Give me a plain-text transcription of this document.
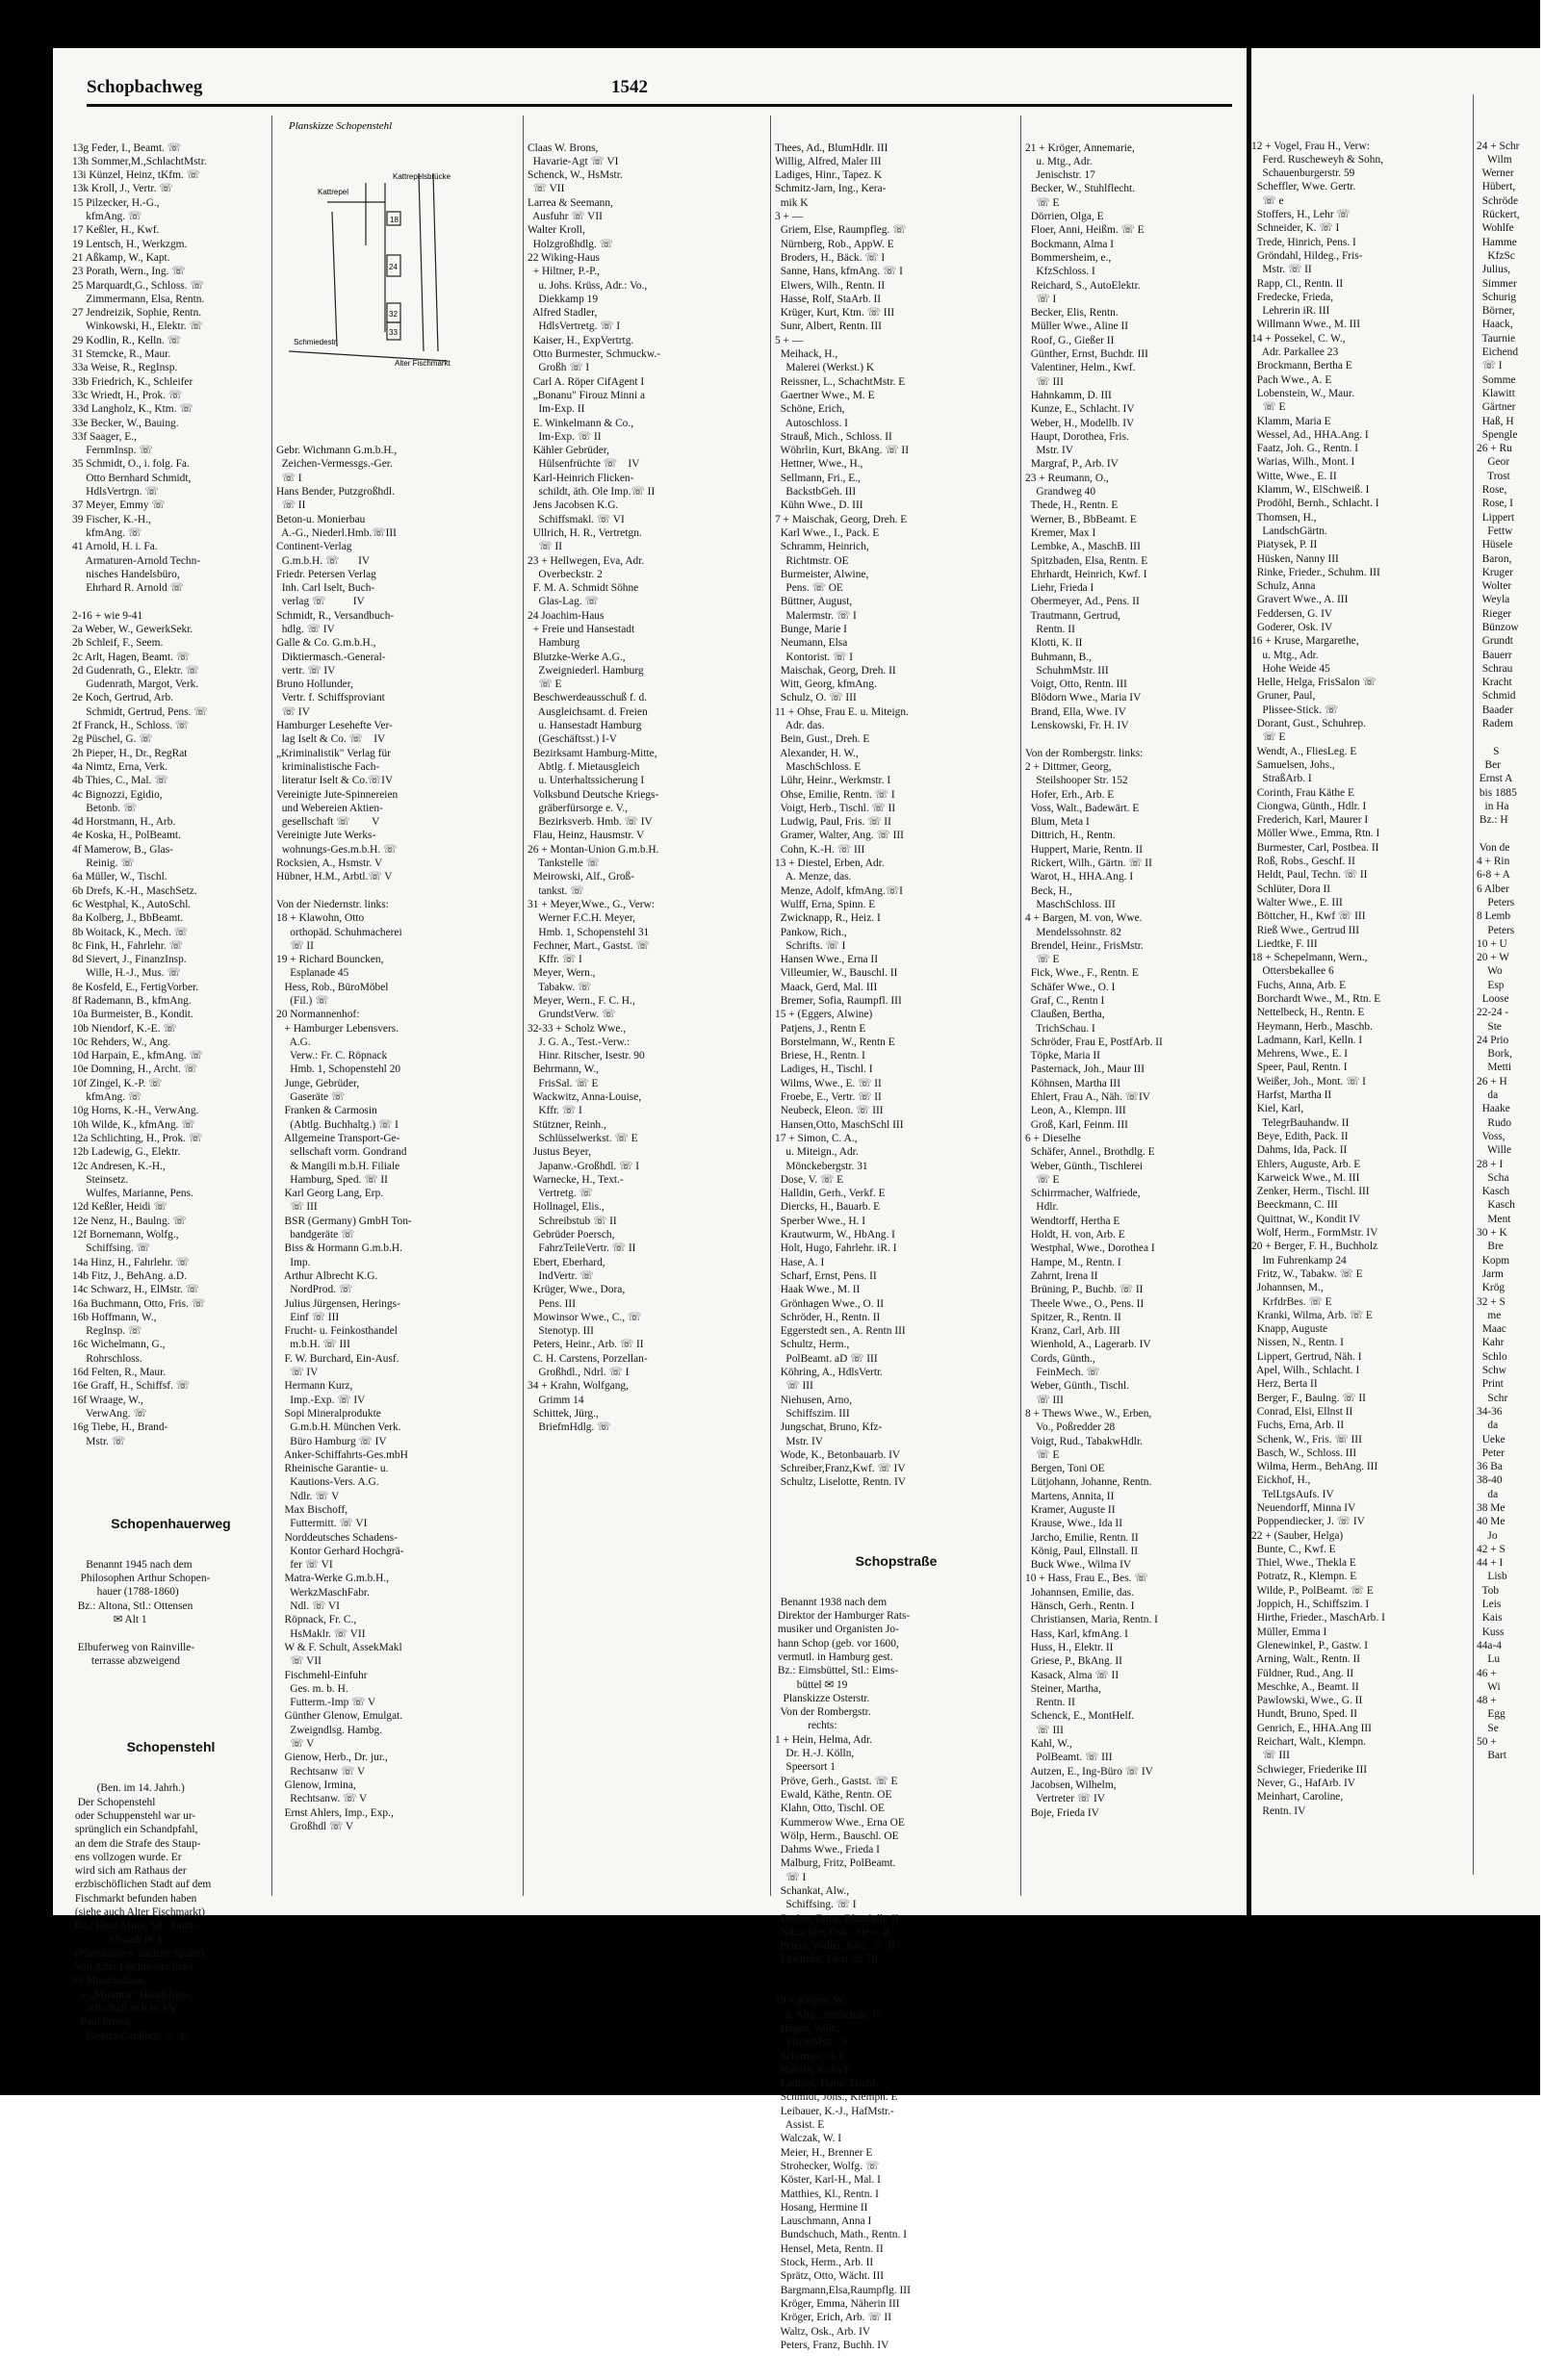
Schopbachweg	1542

13g Feder, I., Beamt. ☏
13h Sommer,M.,SchlachtMstr.
13i Künzel, Heinz, tKfm. ☏
13k Kroll, J., Vertr. ☏
15 Pilzecker, H.-G.,
kfmAng. ☏
17 Keßler, H., Kwf.
19 Lentsch, H., Werkzgm.
21 Aßkamp, W., Kapt.
23 Porath, Wern., Ing. ☏
25 Marquardt,G., Schloss. ☏
Zimmermann, Elsa, Rentn.
27 Jendreizik, Sophie, Rentn.
Winkowski, H., Elektr. ☏
29 Kodlin, R., Kelln. ☏
31 Stemcke, R., Maur.
33a Weise, R., RegInsp.
33b Friedrich, K., Schleifer
33c Wriedt, H., Prok. ☏
33d Langholz, K., Ktm. ☏
33e Becker, W., Bauing.
33f Saager, E.,
FernmInsp. ☏
35 Schmidt, O., i. folg. Fa.
Otto Bernhard Schmidt,
HdlsVertrgn. ☏
37 Meyer, Emmy ☏
39 Fischer, K.-H.,
kfmAng. ☏
41 Arnold, H. i. Fa.
Armaturen-Arnold Techn-
nisches Handelsbüro,
Ehrhard R. Arnold ☏

2-16 + wie 9-41
2a Weber, W., GewerkSekr.
2b Schleif, F., Seem.
2c Arlt, Hagen, Beamt. ☏
2d Gudenrath, G., Elektr. ☏
Gudenrath, Margot, Verk.
2e Koch, Gertrud, Arb.
Schmidt, Gertrud, Pens. ☏
2f Franck, H., Schloss. ☏
2g Püschel, G. ☏
2h Pieper, H., Dr., RegRat
4a Nimtz, Erna, Verk.
4b Thies, C., Mal. ☏
4c Bignozzi, Egidio,
Betonb. ☏
4d Horstmann, H., Arb.
4e Koska, H., PolBeamt.
4f Mamerow, B., Glas-
Reinig. ☏
6a Müller, W., Tischl.
6b Drefs, K.-H., MaschSetz.
6c Westphal, K., AutoSchl.
8a Kolberg, J., BbBeamt.
8b Woitack, K., Mech. ☏
8c Fink, H., Fahrlehr. ☏
8d Sievert, J., FinanzInsp.
Wille, H.-J., Mus. ☏
8e Kosfeld, E., FertigVorber.
8f Rademann, B., kfmAng.
10a Burmeister, B., Kondit.
10b Niendorf, K.-E. ☏
10c Rehders, W., Ang.
10d Harpain, E., kfmAng. ☏
10e Domning, H., Archt. ☏
10f Zingel, K.-P. ☏
kfmAng. ☏
10g Horns, K.-H., VerwAng.
10h Wilde, K., kfmAng. ☏
12a Schlichting, H., Prok. ☏
12b Ladewig, G., Elektr.
12c Andresen, K.-H.,
Steinsetz.
Wulfes, Marianne, Pens.
12d Keßler, Heidi ☏
12e Nenz, H., Baulng. ☏
12f Bornemann, Wolfg.,
Schiffsing. ☏
14a Hinz, H., Fahrlehr. ☏
14b Fitz, J., BehAng. a.D.
14c Schwarz, H., ElMstr. ☏
16a Buchmann, Otto, Fris. ☏
16b Hoffmann, W.,
RegInsp. ☏
16c Wichelmann, G.,
Rohrschloss.
16d Felten, R., Maur.
16e Graff, H., Schiffsf. ☏
16f Wraage, W.,
VerwAng. ☏
16g Tiebe, H., Brand-
Mstr. ☏

Schopenhauerweg

Benannt 1945 nach dem
Philosophen Arthur Schopen-
hauer (1788-1860)
Bz.: Altona, Stl.: Ottensen
✉ Alt 1

Elbuferweg von Rainville-
terrasse abzweigend

Schopenstehl

(Ben. im 14. Jahrh.)
Der Schopenstehl
oder Schuppenstehl war ur-
sprünglich ein Schandpfahl,
an dem die Strafe des Staup-
ens vollzogen wurde. Er
wird sich am Rathaus der
erzbischöflichen Stadt auf dem
Fischmarkt befunden haben
(siehe auch Alter Fischmarkt)
Bz.: Hmb-Mitte, Stl.: Hmb-
Altstadt ✉ 1
(Planskizze s. nächste Spalte)
Von Alter Fischmarkt links:
15 Miramarhaus
+ „Miramar" Handelsge-
sellschaft m.b.H. FV
Paul Preiss,
Elektro-Großhdl. ☏ E

Gebr. Wichmann G.m.b.H.,
Zeichen-Vermessgs.-Ger.
☏ I
Hans Bender, Putzgroßhdl.
☏ II
Beton-u. Monierbau
A.-G., Niederl.Hmb.☏III
Continent-Verlag
G.m.b.H. ☏       IV
Friedr. Petersen Verlag
Inh. Carl Iselt, Buch-
verlag ☏          IV
Schmidt, R., Versandbuch-
hdlg. ☏ IV
Galle & Co. G.m.b.H.,
Diktiermasch.-General-
vertr. ☏ IV
Bruno Hollunder,
Vertr. f. Schiffsproviant
☏ IV
Hamburger Lesehefte Ver-
lag Iselt & Co. ☏    IV
„Kriminalistik" Verlag für
kriminalistische Fach-
literatur Iselt & Co.☏IV
Vereinigte Jute-Spinnereien
und Webereien Aktien-
gesellschaft ☏        V
Vereinigte Jute Werks-
wohnungs-Ges.m.b.H. ☏
Rocksien, A., Hsmstr. V
Hübner, H.M., Arbtl.☏ V

Von der Niedernstr. links:
18 + Klawohn, Otto
orthopäd. Schuhmacherei
☏ II
19 + Richard Bouncken,
Esplanade 45
Hess, Rob., BüroMöbel
(Fil.) ☏
20 Normannenhof:
+ Hamburger Lebensvers.
A.G.
Verw.: Fr. C. Röpnack
Hmb. 1, Schopenstehl 20
Junge, Gebrüder,
Gaseräte ☏
Franken & Carmosin
(Abtlg. Buchhaltg.) ☏ I
Allgemeine Transport-Ge-
sellschaft vorm. Gondrand
& Mangili m.b.H. Filiale
Hamburg, Sped. ☏ II
Karl Georg Lang, Erp.
☏ III
BSR (Germany) GmbH Ton-
bandgeräte ☏
Biss & Hormann G.m.b.H.
Imp.
Arthur Albrecht K.G.
NordProd. ☏
Julius Jürgensen, Herings-
Einf ☏ III
Frucht- u. Feinkosthandel
m.b.H. ☏ III
F. W. Burchard, Ein-Ausf.
☏ IV
Hermann Kurz,
Imp.-Exp. ☏ IV
Sopi Mineralprodukte
G.m.b.H. München Verk.
Büro Hamburg ☏ IV
Anker-Schiffahrts-Ges.mbH
Rheinische Garantie- u.
Kautions-Vers. A.G.
Ndlr. ☏ V
Max Bischoff,
Futtermitt. ☏ VI
Norddeutsches Schadens-
Kontor Gerhard Hochgrä-
fer ☏ VI
Matra-Werke G.m.b.H.,
WerkzMaschFabr.
Ndl. ☏ VI
Röpnack, Fr. C.,
HsMaklr. ☏ VII
W & F. Schult, AssekMakl
☏ VII
Fischmehl-Einfuhr
Ges. m. b. H.
Futterm.-Imp ☏ V
Günther Glenow, Emulgat.
Zweigndlsg. Hambg.
☏ V
Gienow, Herb., Dr. jur.,
Rechtsanw ☏ V
Glenow, Irmina,
Rechtsanw. ☏ V
Ernst Ahlers, Imp., Exp.,
Großhdl ☏ V

Planskizze Schopenstehl
18
24
32
33
Kattrepelsbrücke
Kattrepel
Alter Fischmarkt
Schmiedestr.

Claas W. Brons,
Havarie-Agt ☏ VI
Schenck, W., HsMstr.
☏ VII
Larrea & Seemann,
Ausfuhr ☏ VII
Walter Kroll,
Holzgroßhdlg. ☏
22 Wiking-Haus
+ Hiltner, P.-P.,
u. Johs. Krüss, Adr.: Vo.,
Diekkamp 19
Alfred Stadler,
HdlsVertretg. ☏ I
Kaiser, H., ExpVertrtg.
Otto Burmester, Schmuckw.-
Großh ☏ I
Carl A. Röper CifAgent I
„Bonanu" Firouz Minni a
Im-Exp. II
E. Winkelmann & Co.,
Im-Exp. ☏ II
Kähler Gebrüder,
Hülsenfrüchte ☏    IV
Karl-Heinrich Flicken-
schildt, äth. Ole Imp.☏ II
Jens Jacobsen K.G.
Schiffsmakl. ☏ VI
Ullrich, H. R., Vertretgn.
☏ II
23 + Hellwegen, Eva, Adr.
Overbeckstr. 2
F. M. A. Schmidt Söhne
Glas-Lag. ☏
24 Joachim-Haus
+ Freie und Hansestadt
Hamburg
Blutzke-Werke A.G.,
Zweigniederl. Hamburg
☏ E
Beschwerdeausschuß f. d.
Ausgleichsamt. d. Freien
u. Hansestadt Hamburg
(Geschäftsst.) I-V
Bezirksamt Hamburg-Mitte,
Abtlg. f. Mietausgleich
u. Unterhaltssicherung I
Volksbund Deutsche Kriegs-
gräberfürsorge e. V.,
Bezirksverb. Hmb. ☏ IV
Flau, Heinz, Hausmstr. V
26 + Montan-Union G.m.b.H.
Tankstelle ☏
Meirowski, Alf., Groß-
tankst. ☏
31 + Meyer,Wwe., G., Verw:
Werner F.C.H. Meyer,
Hmb. 1, Schopenstehl 31
Fechner, Mart., Gastst. ☏
Kffr. ☏ I
Meyer, Wern.,
Tabakw. ☏
Meyer, Wern., F. C. H.,
GrundstVerw. ☏
32-33 + Scholz Wwe.,
J. G. A., Test.-Verw.:
Hinr. Ritscher, Isestr. 90
Behrmann, W.,
FrisSal. ☏ E
Wackwitz, Anna-Louise,
Kffr. ☏ I
Stützner, Reinh.,
Schlüsselwerkst. ☏ E
Justus Beyer,
Japanw.-Großhdl. ☏ I
Warnecke, H., Text.-
Vertretg. ☏
Hollnagel, Elis.,
Schreibstub ☏ II
Gebrüder Poersch,
FahrzTeileVertr. ☏ II
Ebert, Eberhard,
IndVertr. ☏
Krüger, Wwe., Dora,
Pens. III
Mowinsor Wwe., C., ☏
Stenotyp. III
Peters, Heinr., Arb. ☏ II
C. H. Carstens, Porzellan-
Großhdl., Ndrl. ☏ I
34 + Krahn, Wolfgang,
Grimm 14
Schittek, Jürg.,
BriefmHdlg. ☏

Thees, Ad., BlumHdlr. III
Willig, Alfred, Maler III
Ladiges, Hinr., Tapez. K
Schmitz-Jarn, Ing., Kera-
mik K
3 + —
Griem, Else, Raumpfleg. ☏
Nürnberg, Rob., AppW. E
Broders, H., Bäck. ☏ I
Sanne, Hans, kfmAng. ☏ I
Elwers, Wilh., Rentn. II
Hasse, Rolf, StaArb. II
Krüger, Kurt, Ktm. ☏ III
Sunr, Albert, Rentn. III
5 + —
Meihack, H.,
Malerei (Werkst.) K
Reissner, L., SchachtMstr. E
Gaertner Wwe., M. E
Schöne, Erich,
Autoschloss. I
Strauß, Mich., Schloss. II
Wöhrlin, Kurt, BkAng. ☏ II
Hettner, Wwe., H.,
Sellmann, Fri., E.,
BackstbGeh. III
Kühn Wwe., D. III
7 + Maischak, Georg, Dreh. E
Karl Wwe., I., Pack. E
Schramm, Heinrich,
Richtmstr. OE
Burmeister, Alwine,
Pens. ☏ OE
Büttner, August,
Malermstr. ☏ I
Bunge, Marie I
Neumann, Elsa
Kontorist. ☏ I
Maischak, Georg, Dreh. II
Witt, Georg, kfmAng.
Schulz, O. ☏ III
11 + Ohse, Frau E. u. Miteign.
Adr. das.
Bein, Gust., Dreh. E
Alexander, H. W.,
MaschSchloss. E
Lühr, Heinr., Werkmstr. I
Ohse, Emilie, Rentn. ☏ I
Voigt, Herb., Tischl. ☏ II
Ludwig, Paul, Fris. ☏ II
Gramer, Walter, Ang. ☏ III
Cohn, K.-H. ☏ III
13 + Diestel, Erben, Adr.
A. Menze, das.
Menze, Adolf, kfmAng.☏I
Wulff, Erna, Spinn. E
Zwicknapp, R., Heiz. I
Pankow, Rich.,
Schrifts. ☏ I
Hansen Wwe., Erna II
Villeumier, W., Bauschl. II
Maack, Gerd, Mal. III
Bremer, Sofia, Raumpfl. III
15 + (Eggers, Alwine)
Patjens, J., Rentn E
Borstelmann, W., Rentn E
Briese, H., Rentn. I
Ladiges, H., Tischl. I
Wilms, Wwe., E. ☏ II
Froebe, E., Vertr. ☏ II
Neubeck, Eleon. ☏ III
Hansen,Otto, MaschSchl III
17 + Simon, C. A.,
u. Miteign., Adr.
Mönckebergstr. 31
Dose, V. ☏ E
Halldin, Gerh., Verkf. E
Diercks, H., Bauarb. E
Sperber Wwe., H. I
Krautwurm, W., HbAng. I
Holt, Hugo, Fahrlehr. iR. I
Hase, A. I
Scharf, Ernst, Pens. II
Haak Wwe., M. II
Grönhagen Wwe., O. II
Schröder, H., Rentn. II
Eggerstedt sen., A. Rentn III
Schultz, Herm.,
PolBeamt. aD ☏ III
Köhring, A., HdlsVertr.
☏ III
Niehusen, Arno,
Schiffszim. III
Jungschat, Bruno, Kfz-
Mstr. IV
Wode, K., Betonbauarb. IV
Schreiber,Franz,Kwf. ☏ IV
Schultz, Liselotte, Rentn. IV

Schopstraße

Benannt 1938 nach dem
Direktor der Hamburger Rats-
musiker und Organisten Jo-
hann Schop (geb. vor 1600,
vermutl. in Hamburg gest.
Bz.: Eimsbüttel, Stl.: Eims-
büttel ✉ 19
Planskizze Osterstr.
Von der Rombergstr.
rechts:
1 + Hein, Helma, Adr.
Dr. H.-J. Kölln,
Speersort 1
Pröve, Gerh., Gastst. ☏ E
Ewald, Käthe, Rentn. OE
Klahn, Otto, Tischl. OE
Kummerow Wwe., Erna OE
Wölp, Herm., Bauschl. OE
Dahms Wwe., Frieda I
Malburg, Fritz, PolBeamt.
☏ I
Schankat, Alw.,
Schiffsing. ☏ I
Dreher, Ernst, Blumhdlr. II
Nitzschke, Osk., Stew. II
Peters, Walter, Kwf. ☏ II
Lewitzke, Lissi ☏ III

19 + Kröger, W.,
u. Mtg., Jenischstr. 17
Hagen, Walt.,
TischlMstr. ☏
Schirmer, O. E
Ruhzin, Erika E
Ladiges, Hans, Tischl.
Schmidt, Johs., Klempn. E
Leibauer, K.-J., HafMstr.-
Assist. E
Walczak, W. I
Meier, H., Brenner E
Strohecker, Wolfg. ☏
Köster, Karl-H., Mal. I
Matthies, Kl., Rentn. I
Hosang, Hermine II
Lauschmann, Anna I
Bundschuch, Math., Rentn. I
Hensel, Meta, Rentn. II
Stock, Herm., Arb. II
Sprätz, Otto, Wächt. III
Bargmann,Elsa,Raumpflg. III
Kröger, Emma, Näherin III
Kröger, Erich, Arb. ☏ II
Waltz, Osk., Arb. IV
Peters, Franz, Buchh. IV

21 + Kröger, Annemarie,
u. Mtg., Adr.
Jenischstr. 17
Becker, W., Stuhlflecht.
☏ E
Dörrien, Olga, E
Floer, Anni, Heißm. ☏ E
Bockmann, Alma I
Bommersheim, e.,
KfzSchloss. I
Reichard, S., AutoElektr.
☏ I
Becker, Elis, Rentn.
Müller Wwe., Aline II
Roof, G., Gießer II
Günther, Ernst, Buchdr. III
Valentiner, Helm., Kwf.
☏ III
Hahnkamm, D. III
Kunze, E., Schlacht. IV
Weber, H., Modellb. IV
Haupt, Dorothea, Fris.
Mstr. IV
Margraf, P., Arb. IV
23 + Reumann, O.,
Grandweg 40
Thede, H., Rentn. E
Werner, B., BbBeamt. E
Kremer, Max I
Lembke, A., MaschB. III
Spitzbaden, Elsa, Rentn. E
Ehrhardt, Heinrich, Kwf. I
Liehr, Frieda I
Obermeyer, Ad., Pens. II
Trautmann, Gertrud,
Rentn. II
Klotti, K. II
Buhmann, B.,
SchuhmMstr. III
Voigt, Otto, Rentn. III
Blödorn Wwe., Maria IV
Brand, Ella, Wwe. IV
Lenskowski, Fr. H. IV

Von der Rombergstr. links:
2 + Dittmer, Georg,
Steilshooper Str. 152
Hofer, Erh., Arb. E
Voss, Walt., Badewärt. E
Blum, Meta I
Dittrich, H., Rentn.
Huppert, Marie, Rentn. II
Rickert, Wilh., Gärtn. ☏ II
Warot, H., HHA.Ang. I
Beck, H.,
MaschSchloss. III
4 + Bargen, M. von, Wwe.
Mendelssohnstr. 82
Brendel, Heinr., FrisMstr.
☏ E
Fick, Wwe., F., Rentn. E
Schäfer Wwe., O. I
Graf, C., Rentn I
Claußen, Bertha,
TrichSchau. I
Schröder, Frau E, PostfArb. II
Töpke, Maria II
Pasternack, Joh., Maur III
Köhnsen, Martha III
Ehlert, Frau A., Näh. ☏IV
Leon, A., Klempn. III
Groß, Karl, Feinm. III
6 + Dieselhe
Schäfer, Annel., Brothdlg. E
Weber, Günth., Tischlerei
☏ E
Schirrmacher, Walfriede,
Hdlr.
Wendtorff, Hertha E
Holdt, H. von, Arb. E
Westphal, Wwe., Dorothea I
Hampe, M., Rentn. I
Zahrnt, Irena II
Brüning, P., Buchb. ☏ II
Theele Wwe., O., Pens. II
Spitzer, R., Rentn. II
Kranz, Carl, Arb. III
Wienhold, A., Lagerarb. IV
Cords, Günth.,
FeinMech. ☏
Weber, Günth., Tischl.
☏ III
8 + Thews Wwe., W., Erben,
Vo., Poßredder 28
Voigt, Rud., TabakwHdlr.
☏ E
Bergen, Toni OE
Lütjohann, Johanne, Rentn.
Martens, Annita, II
Kramer, Auguste II
Krause, Wwe., Ida II
Jarcho, Emilie, Rentn. II
König, Paul, Ellnstall. II
Buck Wwe., Wilma IV
10 + Hass, Frau E., Bes. ☏
Johannsen, Emilie, das.
Hänsch, Gerh., Rentn. I
Christiansen, Maria, Rentn. I
Hass, Karl, kfmAng. I
Huss, H., Elektr. II
Griese, P., BkAng. II
Kasack, Alma ☏ II
Steiner, Martha,
Rentn. II
Schenck, E., MontHelf.
☏ III
Kahl, W.,
PolBeamt. ☏ III
Autzen, E., Ing-Büro ☏ IV
Jacobsen, Wilhelm,
Vertreter ☏ IV
Boje, Frieda IV

12 + Vogel, Frau H., Verw:
Ferd. Ruscheweyh & Sohn,
Schauenburgerstr. 59
Scheffler, Wwe. Gertr.
☏ e
Stoffers, H., Lehr ☏
Schneider, K. ☏ I
Trede, Hinrich, Pens. I
Gröndahl, Hildeg., Fris-
Mstr. ☏ II
Rapp, Cl., Rentn. II
Fredecke, Frieda,
Lehrerin iR. III
Willmann Wwe., M. III
14 + Possekel, C. W.,
Adr. Parkallee 23
Brockmann, Bertha E
Pach Wwe., A. E
Lobenstein, W., Maur.
☏ E
Klamm, Maria E
Wessel, Ad., HHA.Ang. I
Faatz, Joh. G., Rentn. I
Warias, Wilh., Mont. I
Witte, Wwe., E. II
Klamm, W., ElSchweiß. I
Prodöhl, Bernh., Schlacht. I
Thomsen, H.,
LandschGärtn.
Piatysek, P. II
Hüsken, Nanny III
Rinke, Frieder., Schuhm. III
Schulz, Anna
Gravert Wwe., A. III
Feddersen, G. IV
Goderer, Osk. IV
16 + Kruse, Margarethe,
u. Mtg., Adr.
Hohe Weide 45
Helle, Helga, FrisSalon ☏
Gruner, Paul,
Plissee-Stick. ☏
Dorant, Gust., Schuhrep.
☏ E
Wendt, A., FliesLeg. E
Samuelsen, Johs.,
StraßArb. I
Corinth, Frau Käthe E
Ciongwa, Günth., Hdlr. I
Frederich, Karl, Maurer I
Möller Wwe., Emma, Rtn. I
Burmester, Carl, Postbea. II
Roß, Robs., Geschf. II
Heldt, Paul, Techn. ☏ II
Schlüter, Dora II
Walter Wwe., E. III
Böttcher, H., Kwf ☏ III
Rieß Wwe., Gertrud III
Liedtke, F. III
18 + Schepelmann, Wern.,
Ottersbekallee 6
Fuchs, Anna, Arb. E
Borchardt Wwe., M., Rtn. E
Nettelbeck, H., Rentn. E
Heymann, Herb., Maschb.
Ladmann, Karl, Kelln. I
Mehrens, Wwe., E. I
Speer, Paul, Rentn. I
Weißer, Joh., Mont. ☏ I
Harfst, Martha II
Kiel, Karl,
TelegrBauhandw. II
Beye, Edith, Pack. II
Dahms, Ida, Pack. II
Ehlers, Auguste, Arb. E
Karweick Wwe., M. III
Zenker, Herm., Tischl. III
Beeckmann, C. III
Quittnat, W., Kondit IV
Wolf, Herm., FormMstr. IV
20 + Berger, F. H., Buchholz
Im Fuhrenkamp 24
Fritz, W., Tabakw. ☏ E
Johannsen, M.,
KrfdrBes. ☏ E
Kranki, Wilma, Arb. ☏ E
Knapp, Auguste
Nissen, N., Rentn. I
Lippert, Gertrud, Näh. I
Apel, Wilh., Schlacht. I
Herz, Berta II
Berger, F., Baulng. ☏ II
Conrad, Elsi, Ellnst II
Fuchs, Erna, Arb. II
Schenk, W., Fris. ☏ III
Basch, W., Schloss. III
Wilma, Herm., BehAng. III
Eickhof, H.,
TelLtgsAufs. IV
Neuendorff, Minna IV
Poppendiecker, J. ☏ IV
22 + (Sauber, Helga)
Bunte, C., Kwf. E
Thiel, Wwe., Thekla E
Potratz, R., Klempn. E
Wilde, P., PolBeamt. ☏ E
Joppich, H., Schiffszim. I
Hirthe, Frieder., MaschArb. I
Müller, Emma I
Glenewinkel, P., Gastw. I
Arning, Walt., Rentn. II
Füldner, Rud., Ang. II
Meschke, A., Beamt. II
Pawlowski, Wwe., G. II
Hundt, Bruno, Sped. II
Genrich, E., HHA.Ang III
Reichart, Walt., Klempn.
☏ III
Schwieger, Friederike III
Never, G., HafArb. IV
Meinhart, Caroline,
Rentn. IV

24 + Schr
Wilm
Werner
Hübert,
Schröde
Rückert,
Wohlfe
Hamme
KfzSc
Julius,
Simmer
Schurig
Börner,
Haack,
Taurnie
Eichend
☏ I
Somme
Klawitt
Gärtner
Haß, H
Spengle
26 + Ru
Geor
Trost
Rose,
Rose, I
Lippert
Fettw
Hüsele
Baron,
Kruger
Wolter
Weyla
Rieger
Bünzow
Grundt
Bauerr
Schrau
Kracht
Schmid
Baader
Radem

S
Ber
Ernst A
bis 1885
in Ha
Bz.: H

Von de
4 + Rin
6-8 + A
6 Alber
Peters
8 Lemb
Peters
10 + U
20 + W
Wo
Esp
Loose
22-24 -
Ste
24 Prio
Bork,
Metti
26 + H
da
Haake
Rudo
Voss,
Wille
28 + I
Scha
Kasch
Kasch
Ment
30 + K
Bre
Kopm
Jarm
Krög
32 + S
me
Maac
Kahr
Schlo
Schw
Print
Schr
34-36
da
Ueke
Peter
36 Ba
38-40
da
38 Me
40 Me
Jo
42 + S
44 + I
Lisb
Tob
Leis
Kais
Kuss
44a-4
Lu
46 +
Wi
48 +
Egg
Se
50 +
Bart
